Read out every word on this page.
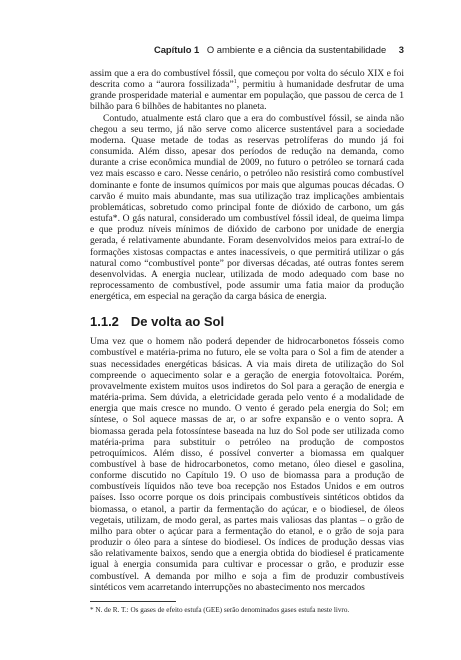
Capítulo 1 O ambiente e a ciência da sustentabilidade 3

assim que a era do combustível fóssil, que começou por volta do século XIX e foi descrita como a “aurora fossilizada”$^1$, permitiu à humanidade desfrutar de uma grande prosperidade material e aumentar em população, que passou de cerca de 1 bilhão para 6 bilhões de habitantes no planeta.

Contudo, atualmente está claro que a era do combustível fóssil, se ainda não chegou a seu termo, já não serve como alicerce sustentável para a sociedade moderna. Quase metade de todas as reservas petrolíferas do mundo já foi consumida. Além disso, apesar dos períodos de redução na demanda, como durante a crise econômica mundial de 2009, no futuro o petróleo se tornará cada vez mais escasso e caro. Nesse cenário, o petróleo não resistirá como combustível dominante e fonte de insumos químicos por mais que algumas poucas décadas. O carvão é muito mais abundante, mas sua utilização traz implicações ambientais problemáticas, sobretudo como principal fonte de dióxido de carbono, um gás estufa*. O gás natural, considerado um combustível fóssil ideal, de queima limpa e que produz níveis mínimos de dióxido de carbono por unidade de energia gerada, é relativamente abundante. Foram desenvolvidos meios para extraí-lo de formações xistosas compactas e antes inacessíveis, o que permitirá utilizar o gás natural como “combustível ponte” por diversas décadas, até outras fontes serem desenvolvidas. A energia nuclear, utilizada de modo adequado com base no reprocessamento de combustível, pode assumir uma fatia maior da produção energética, em especial na geração da carga básica de energia.

1.1.2 De volta ao Sol

Uma vez que o homem não poderá depender de hidrocarbonetos fósseis como combustível e matéria-prima no futuro, ele se volta para o Sol a fim de atender a suas necessidades energéticas básicas. A via mais direta de utilização do Sol compreende o aquecimento solar e a geração de energia fotovoltaica. Porém, provavelmente existem muitos usos indiretos do Sol para a geração de energia e matéria-prima. Sem dúvida, a eletricidade gerada pelo vento é a modalidade de energia que mais cresce no mundo. O vento é gerado pela energia do Sol; em síntese, o Sol aquece massas de ar, o ar sofre expansão e o vento sopra. A biomassa gerada pela fotossíntese baseada na luz do Sol pode ser utilizada como matéria-prima para substituir o petróleo na produção de compostos petroquímicos. Além disso, é possível converter a biomassa em qualquer combustível à base de hidrocarbonetos, como metano, óleo diesel e gasolina, conforme discutido no Capítulo 19. O uso de biomassa para a produção de combustíveis líquidos não teve boa recepção nos Estados Unidos e em outros países. Isso ocorre porque os dois principais combustíveis sintéticos obtidos da biomassa, o etanol, a partir da fermentação do açúcar, e o biodiesel, de óleos vegetais, utilizam, de modo geral, as partes mais valiosas das plantas – o grão de milho para obter o açúcar para a fermentação do etanol, e o grão de soja para produzir o óleo para a síntese do biodiesel. Os índices de produção dessas vias são relativamente baixos, sendo que a energia obtida do biodiesel é praticamente igual à energia consumida para cultivar e processar o grão, e produzir esse combustível. A demanda por milho e soja a fim de produzir combustíveis sintéticos vem acarretando interrupções no abastecimento nos mercados

* N. de R. T.: Os gases de efeito estufa (GEE) serão denominados gases estufa neste livro.
